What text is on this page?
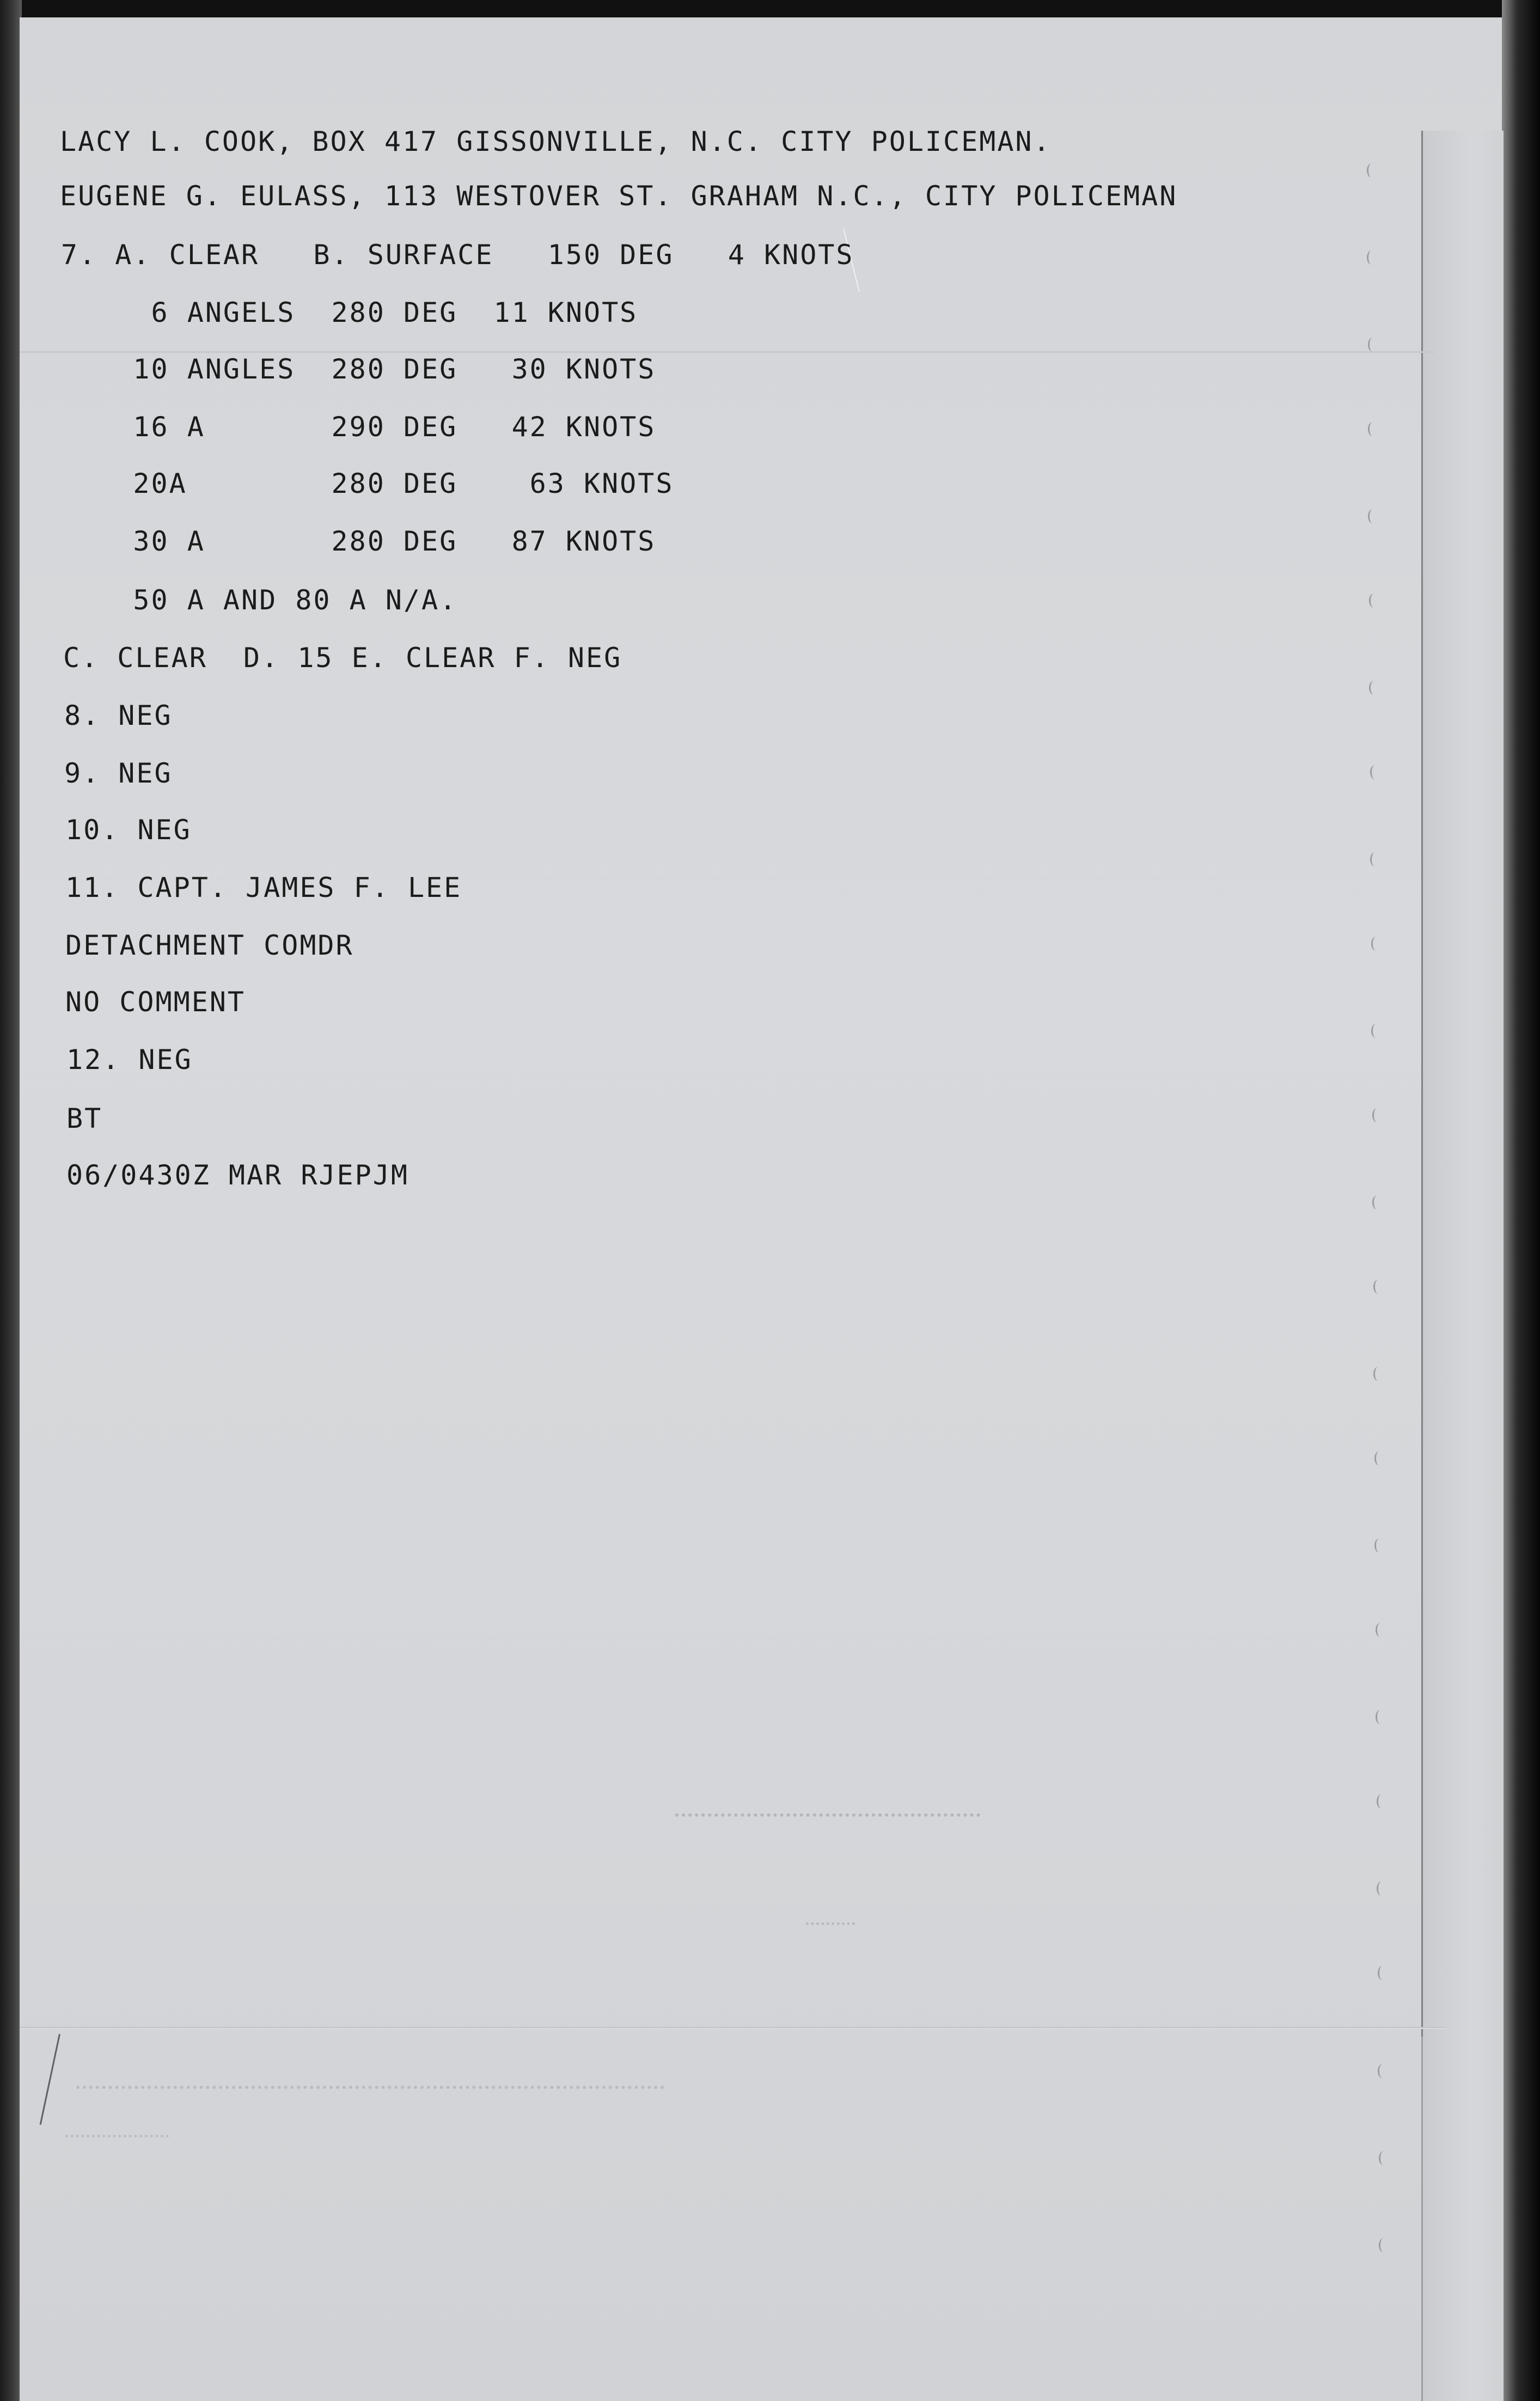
LACY L. COOK, BOX 417 GISSONVILLE, N.C. CITY POLICEMAN.
EUGENE G. EULASS, 113 WESTOVER ST. GRAHAM N.C., CITY POLICEMAN
7. A. CLEAR   B. SURFACE   150 DEG   4 KNOTS
6 ANGELS  280 DEG  11 KNOTS
10 ANGLES  280 DEG   30 KNOTS
16 A       290 DEG   42 KNOTS
20A        280 DEG    63 KNOTS
30 A       280 DEG   87 KNOTS
50 A AND 80 A N/A.
C. CLEAR  D. 15 E. CLEAR F. NEG
8. NEG
9. NEG
10. NEG
11. CAPT. JAMES F. LEE
DETACHMENT COMDR
NO COMMENT
12. NEG
BT
06/0430Z MAR RJEPJM
